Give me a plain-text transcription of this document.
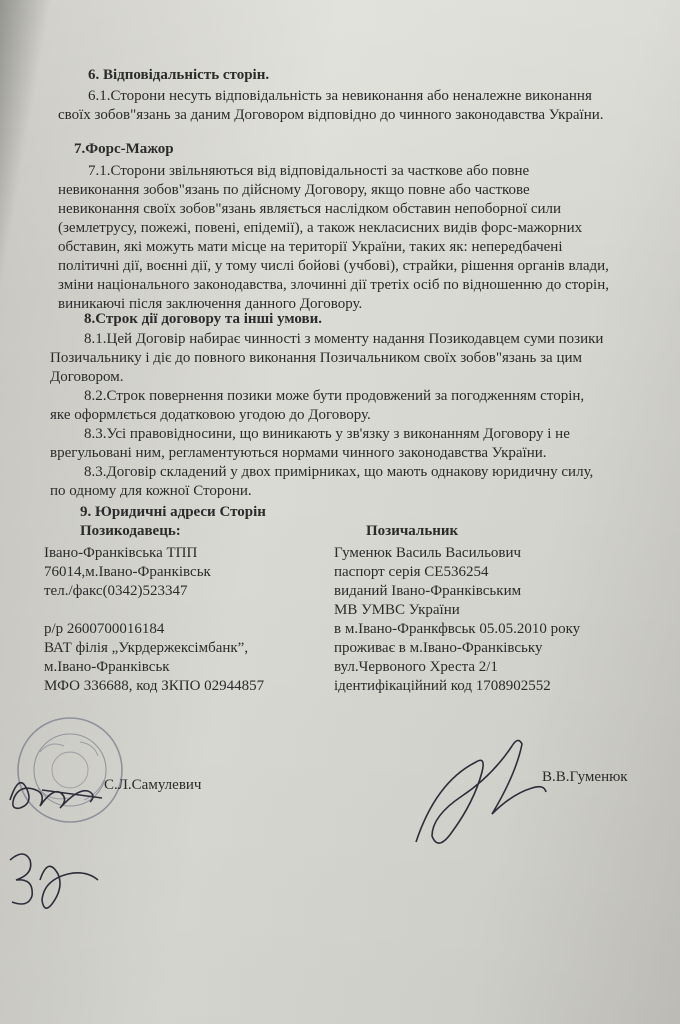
6. Відповідальність сторін.
6.1.Сторони несуть відповідальність за невиконання або неналежне виконання
своїх зобов"язань за даним Договором відповідно до чинного законодавства України.
7.Форс-Мажор
7.1.Сторони звільняються від відповідальності за часткове або повне
невиконання зобов"язань по дійсному Договору, якщо повне або часткове
невиконання своїх зобов"язань являється наслідком обставин непоборної сили
(землетрусу, пожежі, повені, епідемії), а також некласисних видів форс-мажорних
обставин, які можуть мати місце на території України, таких як: непередбачені
політичні дії, воєнні дії, у тому числі бойові (учбові), страйки, рішення органів влади,
зміни національного законодавства, злочинні дії третіх осіб по відношенню до сторін,
виникаючі після заключення данного Договору.
8.Строк дії договору та інші умови.
8.1.Цей Договір набирає чинності з моменту надання Позикодавцем суми позики
Позичальнику і діє до повного виконання Позичальником своїх зобов"язань за цим
Договором.
8.2.Строк повернення позики може бути продовжений за погодженням сторін,
яке оформлється додатковою угодою до Договору.
8.3.Усі правовідносини, що виникають у зв'язку з виконанням Договору і не
врегульовані ним, регламентуються нормами чинного законодавства України.
8.3.Договір складений у двох примірниках, що мають однакову юридичну силу,
по одному для кожної Сторони.
9. Юридичні адреси Сторін
Позикодавець:
Івано-Франківська ТПП
76014,м.Івано-Франківськ
тел./факс(0342)523347
р/р 2600700016184
ВАТ філія „Укрдержексімбанк”,
м.Івано-Франківськ
МФО 336688, код ЗКПО 02944857
Позичальник
Гуменюк Василь Васильович
паспорт серія СЕ536254
виданий Івано-Франківським
МВ УМВС України
в м.Івано-Франкфвськ 05.05.2010 року
проживає в м.Івано-Франківську
вул.Червоного Хреста 2/1
ідентифікаційний код 1708902552
С.Л.Самулевич	В.В.Гуменюк
